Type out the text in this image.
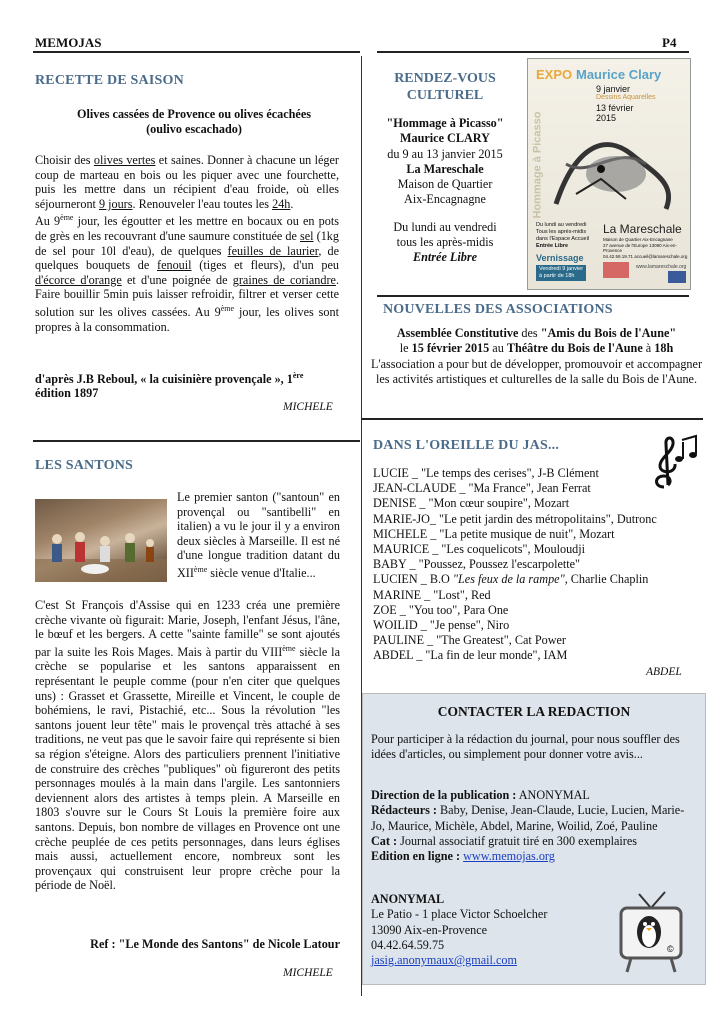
MEMOJAS	P4
RECETTE DE SAISON
Olives cassées de Provence ou olives écachées
(oulivo escachado)
Choisir des olives vertes et saines. Donner à chacune un léger coup de marteau en bois ou les piquer avec une fourchette, puis les mettre dans un récipient d'eau froide, où elles séjourneront 9 jours. Renouveler l'eau toutes les 24h.
Au 9ème jour, les égoutter et les mettre en bocaux ou en pots de grès en les recouvrant d'une saumure constituée de sel (1kg de sel pour 10l d'eau), de quelques feuilles de laurier, de quelques bouquets de fenouil (tiges et fleurs), d'un peu d'écorce d'orange et d'une poignée de graines de coriandre. Faire bouillir 5min puis laisser refroidir, filtrer et verser cette solution sur les olives cassées. Au 9ème jour, les olives sont propres à la consommation.
d'après J.B Reboul, « la cuisinière provençale », 1ère édition 1897
MICHELE
LES SANTONS
Le premier santon ("santoun" en provençal ou "santibelli" en italien) a vu le jour il y a environ deux siècles à Marseille. Il est né d'une longue tradition datant du XIIème siècle venue d'Italie...
C'est St François d'Assise qui en 1233 créa une première crèche vivante où figurait: Marie, Joseph, l'enfant Jésus, l'âne, le bœuf et les bergers. A cette "sainte famille" se sont ajoutés par la suite les Rois Mages. Mais à partir du VIIIème siècle la crèche se popularise et les santons apparaissent en représentant le peuple comme (pour n'en citer que quelques uns) : Grasset et Grassette, Mireille et Vincent, le couple de bohémiens, le ravi, Pistachié, etc... Sous la révolution "les santons jouent leur tête" mais le provençal très attaché à ses traditions, ne veut pas que le savoir faire qui représente si bien sa région s'éteigne. Alors des particuliers prennent l'initiative de construire des crèches "publiques" où figureront des petits personnages moulés à la main dans l'argile. Les santonniers deviennent alors des artistes à temps plein. A Marseille en 1803 s'ouvre sur le Cours St Louis la première foire aux santons. Depuis, bon nombre de villages en Provence ont une crèche peuplée de ces petits personnages, dans leurs églises mais aussi, actuellement encore, nombreux sont les provençaux qui construisent leur propre crèche pour la période de Noël.
Ref : "Le Monde des Santons" de Nicole Latour
MICHELE
RENDEZ-VOUS
CULTUREL
"Hommage à Picasso"
Maurice CLARY
du 9 au 13 janvier 2015
La Mareschale
Maison de Quartier
Aix-Encagnagne
Du lundi au vendredi
tous les après-midis
Entrée Libre
EXPO Maurice Clary
9 janvier
Dessins Aquarelles
13 février
2015
Hommage à Picasso
Du lundi au vendredi
Tous les après-midis
dans l'Espace Accueil
Entrée Libre
La Mareschale
Maison de Quartier Aix-Encagnane
27 avenue de l'Europe 13090 Aix-en-Provence
04.42.59.19.71 accueil@lamareschale.org
Vernissage
Vendredi 9 janvier
à partir de 18h
www.lamareschale.org
NOUVELLES DES ASSOCIATIONS
Assemblée Constitutive des "Amis du Bois de l'Aune"
le 15 février 2015 au Théâtre du Bois de l'Aune à 18h
L'association a pour but de développer, promouvoir et accompagner les activités artistiques et culturelles de la salle du Bois de l'Aune.
DANS L'OREILLE DU JAS...
LUCIE _ "Le temps des cerises", J-B Clément
JEAN-CLAUDE _ "Ma France", Jean Ferrat
DENISE _ "Mon cœur soupire", Mozart
MARIE-JO_ "Le petit jardin des métropolitains", Dutronc
MICHELE _ "La petite musique de nuit", Mozart
MAURICE _ "Les coquelicots", Mouloudji
BABY _ "Poussez, Poussez l'escarpolette"
LUCIEN _ B.O "Les feux de la rampe", Charlie Chaplin
MARINE _ "Lost", Red
ZOE _ "You too", Para One
WOILID _ "Je pense", Niro
PAULINE _ "The Greatest", Cat Power
ABDEL _ "La fin de leur monde", IAM
ABDEL
CONTACTER LA REDACTION
Pour participer à la rédaction du journal, pour nous souffler des idées d'articles, ou simplement pour donner votre avis...
Direction de la publication : ANONYMAL
Rédacteurs : Baby, Denise, Jean-Claude, Lucie, Lucien, Marie-Jo, Maurice, Michèle, Abdel, Marine, Woilid, Zoé, Pauline
Cat : Journal associatif gratuit tiré en 300 exemplaires
Edition en ligne : www.memojas.org
ANONYMAL
Le Patio - 1 place Victor Schoelcher
13090 Aix-en-Provence
04.42.64.59.75
jasig.anonymaux@gmail.com
©
